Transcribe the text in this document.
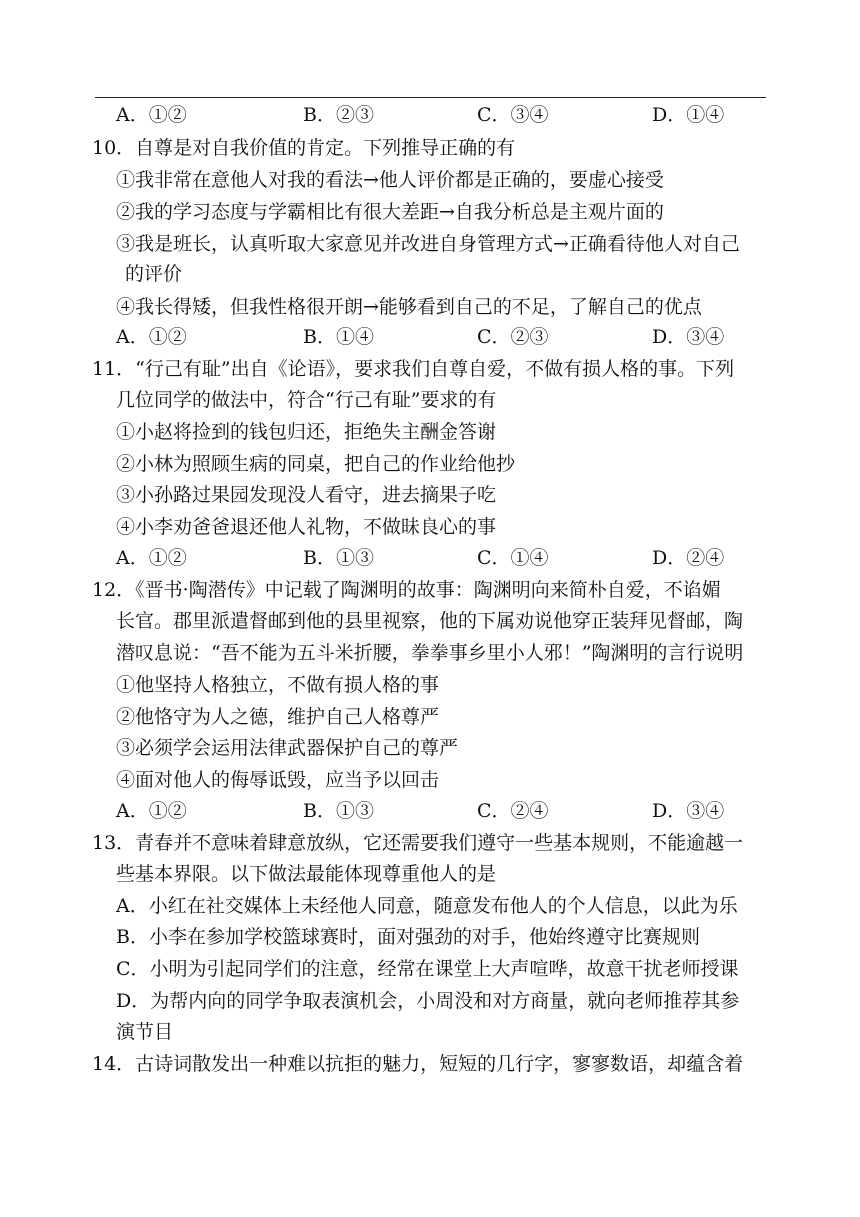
A．①②	B．②③	C．③④	D．①④
10．自尊是对自我价值的肯定。下列推导正确的有
①我非常在意他人对我的看法→他人评价都是正确的，要虚心接受
②我的学习态度与学霸相比有很大差距→自我分析总是主观片面的
③我是班长，认真听取大家意见并改进自身管理方式→正确看待他人对自己
的评价
④我长得矮，但我性格很开朗→能够看到自己的不足，了解自己的优点
A．①②	B．①④	C．②③	D．③④
11．“行己有耻”出自《论语》，要求我们自尊自爱，不做有损人格的事。下列
几位同学的做法中，符合“行己有耻”要求的有
①小赵将捡到的钱包归还，拒绝失主酬金答谢
②小林为照顾生病的同桌，把自己的作业给他抄
③小孙路过果园发现没人看守，进去摘果子吃
④小李劝爸爸退还他人礼物，不做昧良心的事
A．①②	B．①③	C．①④	D．②④
12．《晋书·陶潜传》中记载了陶渊明的故事：陶渊明向来简朴自爱，不谄媚
长官。郡里派遣督邮到他的县里视察，他的下属劝说他穿正装拜见督邮，陶
潜叹息说：“吾不能为五斗米折腰，拳拳事乡里小人邪！”陶渊明的言行说明
①他坚持人格独立，不做有损人格的事
②他恪守为人之德，维护自己人格尊严
③必须学会运用法律武器保护自己的尊严
④面对他人的侮辱诋毁，应当予以回击
A．①②	B．①③	C．②④	D．③④
13．青春并不意味着肆意放纵，它还需要我们遵守一些基本规则，不能逾越一
些基本界限。以下做法最能体现尊重他人的是
A．小红在社交媒体上未经他人同意，随意发布他人的个人信息，以此为乐
B．小李在参加学校篮球赛时，面对强劲的对手，他始终遵守比赛规则
C．小明为引起同学们的注意，经常在课堂上大声喧哗，故意干扰老师授课
D．为帮内向的同学争取表演机会，小周没和对方商量，就向老师推荐其参
演节目
14．古诗词散发出一种难以抗拒的魅力，短短的几行字，寥寥数语，却蕴含着
